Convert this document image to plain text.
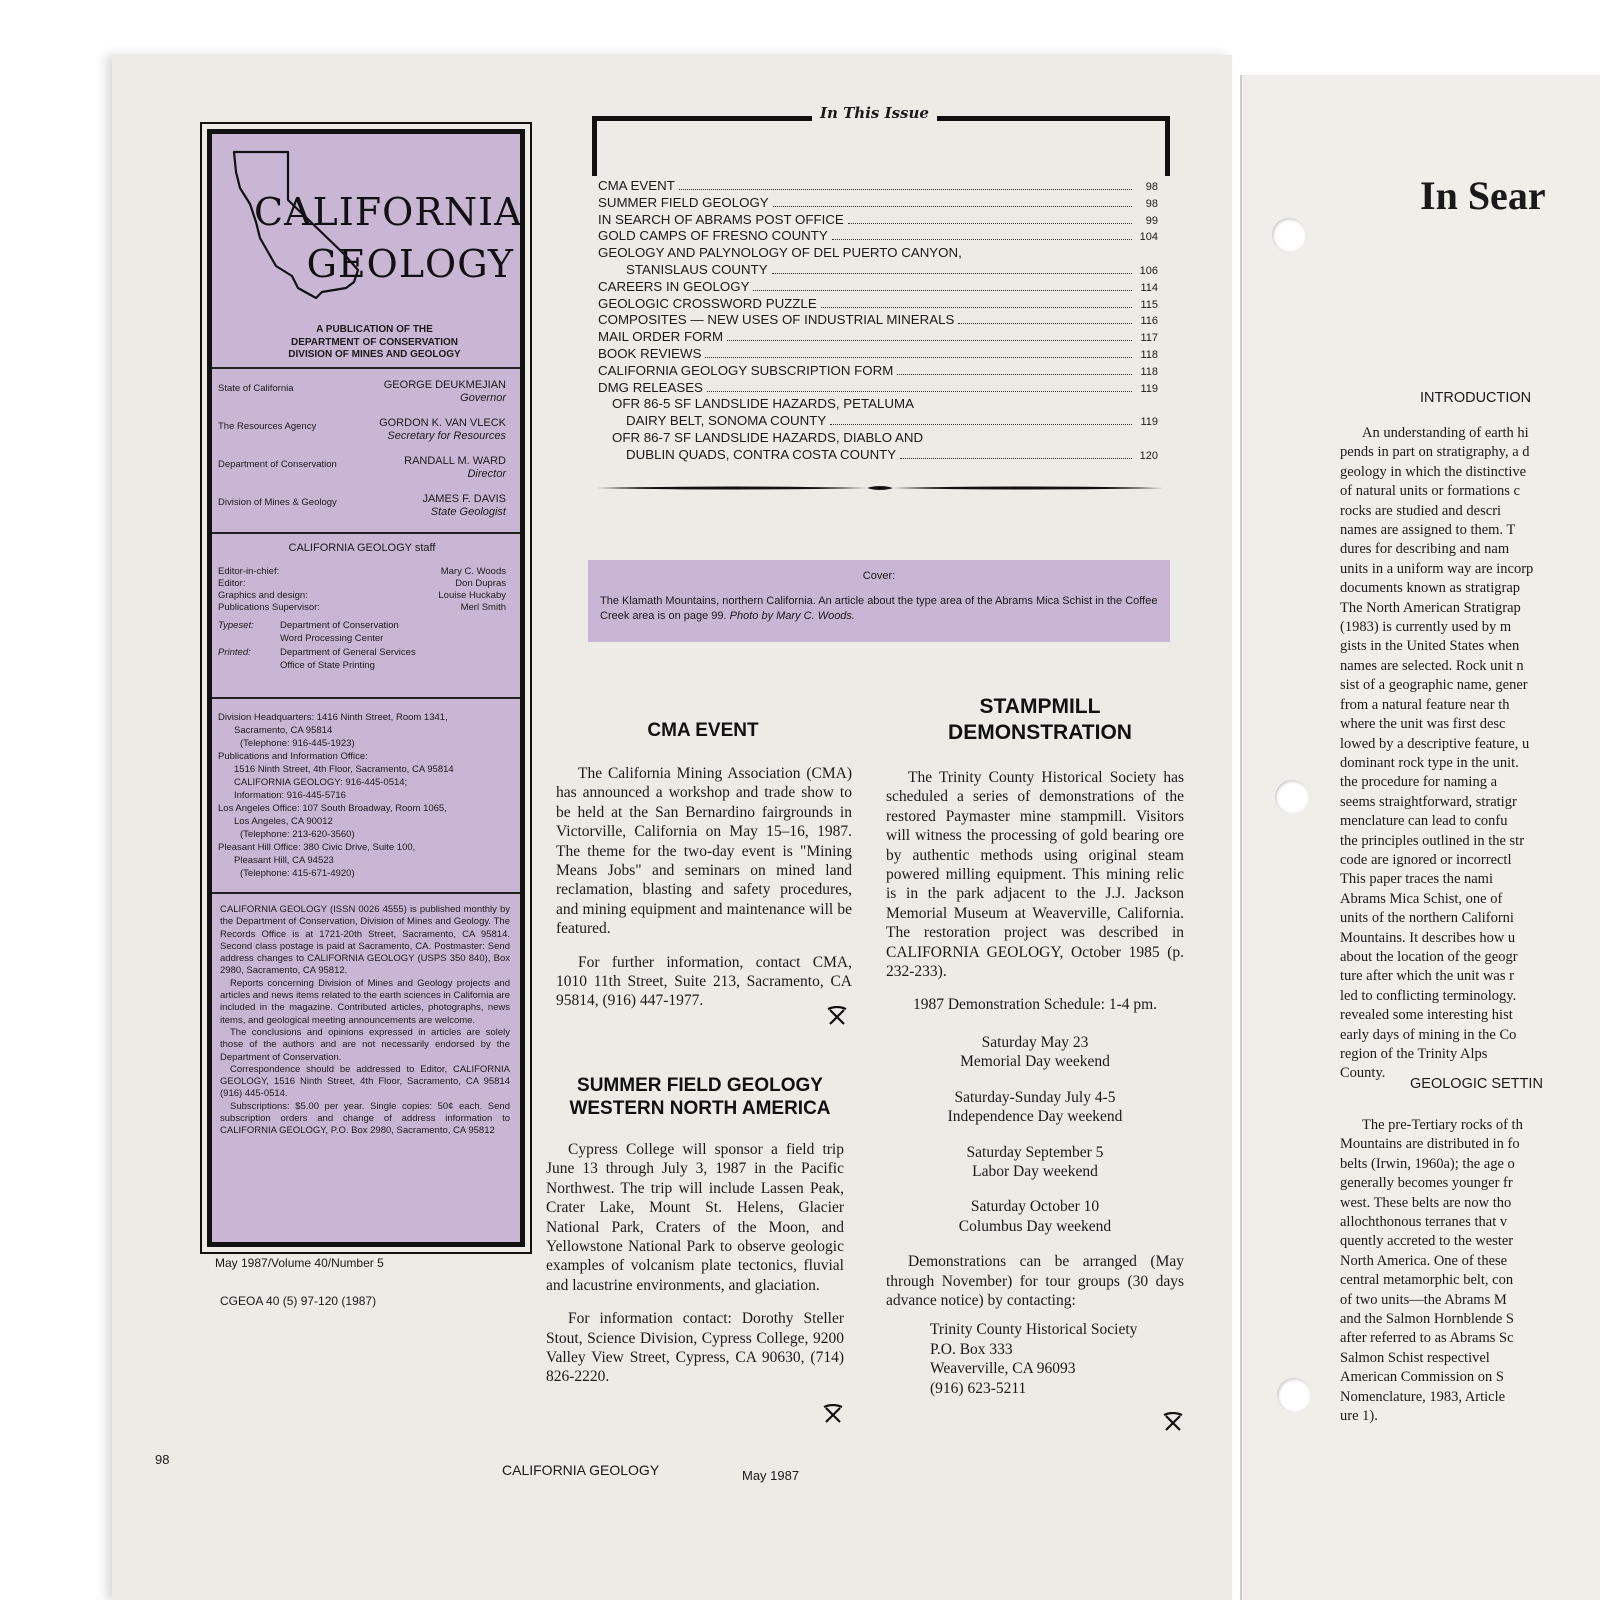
CALIFORNIA
GEOLOGY
A PUBLICATION OF THE
DEPARTMENT OF CONSERVATION
DIVISION OF MINES AND GEOLOGY
State of California	GEORGE DEUKMEJIAN
Governor
The Resources Agency	GORDON K. VAN VLECK
Secretary for Resources
Department of Conservation	RANDALL M. WARD
Director
Division of Mines & Geology	JAMES F. DAVIS
State Geologist
CALIFORNIA GEOLOGY staff
Editor-in-chief:	Mary C. Woods
Editor:	Don Dupras
Graphics and design:	Louise Huckaby
Publications Supervisor:	Merl Smith
Typeset:	Department of Conservation
Word Processing Center
Printed:	Department of General Services
Office of State Printing
Division Headquarters: 1416 Ninth Street, Room 1341,
Sacramento, CA 95814
(Telephone: 916-445-1923)
Publications and Information Office:
1516 Ninth Street, 4th Floor, Sacramento, CA 95814
CALIFORNIA GEOLOGY: 916-445-0514;
Information: 916-445-5716
Los Angeles Office: 107 South Broadway, Room 1065,
Los Angeles, CA 90012
(Telephone: 213-620-3560)
Pleasant Hill Office: 380 Civic Drive, Suite 100,
Pleasant Hill, CA 94523
(Telephone: 415-671-4920)

CALIFORNIA GEOLOGY (ISSN 0026 4555) is published monthly by the Department of Conservation, Division of Mines and Geology. The Records Office is at 1721-20th Street, Sacramento, CA 95814. Second class postage is paid at Sacramento, CA. Postmaster: Send address changes to CALIFORNIA GEOLOGY (USPS 350 840), Box 2980, Sacramento, CA 95812.

Reports concerning Division of Mines and Geology projects and articles and news items related to the earth sciences in California are included in the magazine. Contributed articles, photographs, news items, and geological meeting announcements are welcome.

The conclusions and opinions expressed in articles are solely those of the authors and are not necessarily endorsed by the Department of Conservation.

Correspondence should be addressed to Editor, CALIFORNIA GEOLOGY, 1516 Ninth Street, 4th Floor, Sacramento, CA 95814 (916) 445-0514.

Subscriptions: $5.00 per year. Single copies: 50¢ each. Send subscription orders and change of address information to CALIFORNIA GEOLOGY, P.O. Box 2980, Sacramento, CA 95812

May 1987/Volume 40/Number 5
CGEOA 40 (5) 97-120 (1987)
In This Issue
CMA EVENT	98
SUMMER FIELD GEOLOGY	98
IN SEARCH OF ABRAMS POST OFFICE	99
GOLD CAMPS OF FRESNO COUNTY	104
GEOLOGY AND PALYNOLOGY OF DEL PUERTO CANYON,
STANISLAUS COUNTY	106
CAREERS IN GEOLOGY	114
GEOLOGIC CROSSWORD PUZZLE	115
COMPOSITES — NEW USES OF INDUSTRIAL MINERALS	116
MAIL ORDER FORM	117
BOOK REVIEWS	118
CALIFORNIA GEOLOGY SUBSCRIPTION FORM	118
DMG RELEASES	119
OFR 86-5 SF LANDSLIDE HAZARDS, PETALUMA
DAIRY BELT, SONOMA COUNTY	119
OFR 86-7 SF LANDSLIDE HAZARDS, DIABLO AND
DUBLIN QUADS, CONTRA COSTA COUNTY	120
Cover:
The Klamath Mountains, northern California. An article about the type area of the Abrams Mica Schist in the Coffee Creek area is on page 99. Photo by Mary C. Woods.
CMA EVENT

The California Mining Association (CMA) has announced a workshop and trade show to be held at the San Bernardino fairgrounds in Victorville, California on May 15–16, 1987. The theme for the two-day event is "Mining Means Jobs" and seminars on mined land reclamation, blasting and safety procedures, and mining equipment and maintenance will be featured.

For further information, contact CMA, 1010 11th Street, Suite 213, Sacramento, CA 95814, (916) 447-1977.

SUMMER FIELD GEOLOGY
WESTERN NORTH AMERICA

Cypress College will sponsor a field trip June 13 through July 3, 1987 in the Pacific Northwest. The trip will include Lassen Peak, Crater Lake, Mount St. Helens, Glacier National Park, Craters of the Moon, and Yellowstone National Park to observe geologic examples of volcanism plate tectonics, fluvial and lacustrine environments, and glaciation.

For information contact: Dorothy Steller Stout, Science Division, Cypress College, 9200 Valley View Street, Cypress, CA 90630, (714) 826-2220.

STAMPMILL
DEMONSTRATION

The Trinity County Historical Society has scheduled a series of demonstrations of the restored Paymaster mine stampmill. Visitors will witness the processing of gold bearing ore by authentic methods using original steam powered milling equipment. This mining relic is in the park adjacent to the J.J. Jackson Memorial Museum at Weaverville, California. The restoration project was described in CALIFORNIA GEOLOGY, October 1985 (p. 232-233).

1987 Demonstration Schedule: 1-4 pm.

Saturday May 23
Memorial Day weekend
Saturday-Sunday July 4-5
Independence Day weekend
Saturday September 5
Labor Day weekend
Saturday October 10
Columbus Day weekend

Demonstrations can be arranged (May through November) for tour groups (30 days advance notice) by contacting:

Trinity County Historical Society
P.O. Box 333
Weaverville, CA 96093
(916) 623-5211
98
CALIFORNIA GEOLOGY	May 1987
In Sear
INTRODUCTION
An understanding of earth hi
pends in part on stratigraphy, a d
geology in which the distinctive
of natural units or formations c
rocks are studied and descri
names are assigned to them. T
dures for describing and nam
units in a uniform way are incorp
documents known as stratigrap
The North American Stratigrap
(1983) is currently used by m
gists in the United States when
names are selected. Rock unit n
sist of a geographic name, gener
from a natural feature near th
where the unit was first desc
lowed by a descriptive feature, u
dominant rock type in the unit.
the procedure for naming a
seems straightforward, stratigr
menclature can lead to confu
the principles outlined in the str
code are ignored or incorrectl
This paper traces the nami
Abrams Mica Schist, one of
units of the northern Californi
Mountains. It describes how u
about the location of the geogr
ture after which the unit was r
led to conflicting terminology.
revealed some interesting hist
early days of mining in the Co
region of the Trinity Alps
County.
GEOLOGIC SETTIN
The pre-Tertiary rocks of th
Mountains are distributed in fo
belts (Irwin, 1960a); the age o
generally becomes younger fr
west. These belts are now tho
allochthonous terranes that v
quently accreted to the wester
North America. One of these
central metamorphic belt, con
of two units—the Abrams M
and the Salmon Hornblende S
after referred to as Abrams Sc
Salmon Schist respectivel
American Commission on S
Nomenclature, 1983, Article
ure 1).
